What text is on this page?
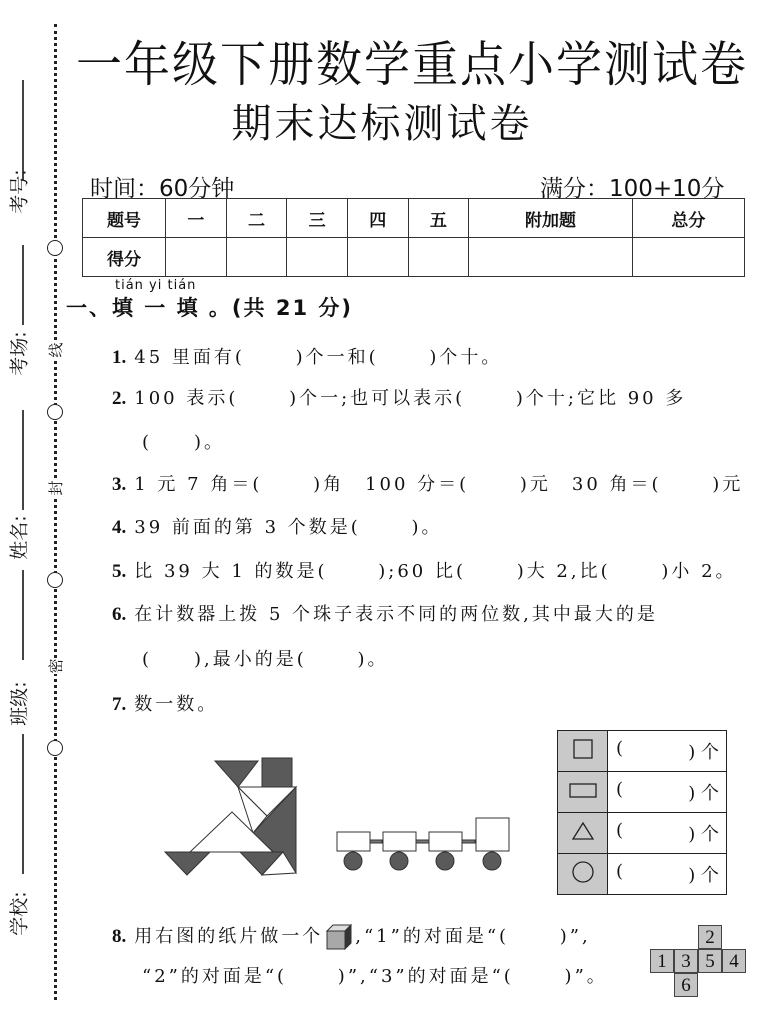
线
封
密
考号:
考场:
姓名:
班级:
学校:
一年级下册数学重点小学测试卷
期末达标测试卷
时间：60分钟	满分：100+10分
题号	一	二	三	四	五	附加题	总分
得分							
tián yi tián
一、填 一 填 。(共 21 分)
1. 45 里面有(　　 )个一和(　　 )个十。
2. 100 表示(　　 )个一;也可以表示(　　 )个十;它比 90 多
(　　)。
3. 1 元 7 角＝(　　 )角　100 分＝(　　 )元　30 角＝(　　 )元
4. 39 前面的第 3 个数是(　　 )。
5. 比 39 大 1 的数是(　　 );60 比(　　 )大 2,比(　　 )小 2。
6. 在计数器上拨 5 个珠子表示不同的两位数,其中最大的是
(　　),最小的是(　　 )。
7. 数一数。
	( ) 个

	( ) 个

	( ) 个

	( ) 个
8. 用右图的纸片做一个 ,“1”的对面是“(　　 )”,
“2”的对面是“(　　 )”,“3”的对面是“(　　 )”。
2
1 3 5 4
6
